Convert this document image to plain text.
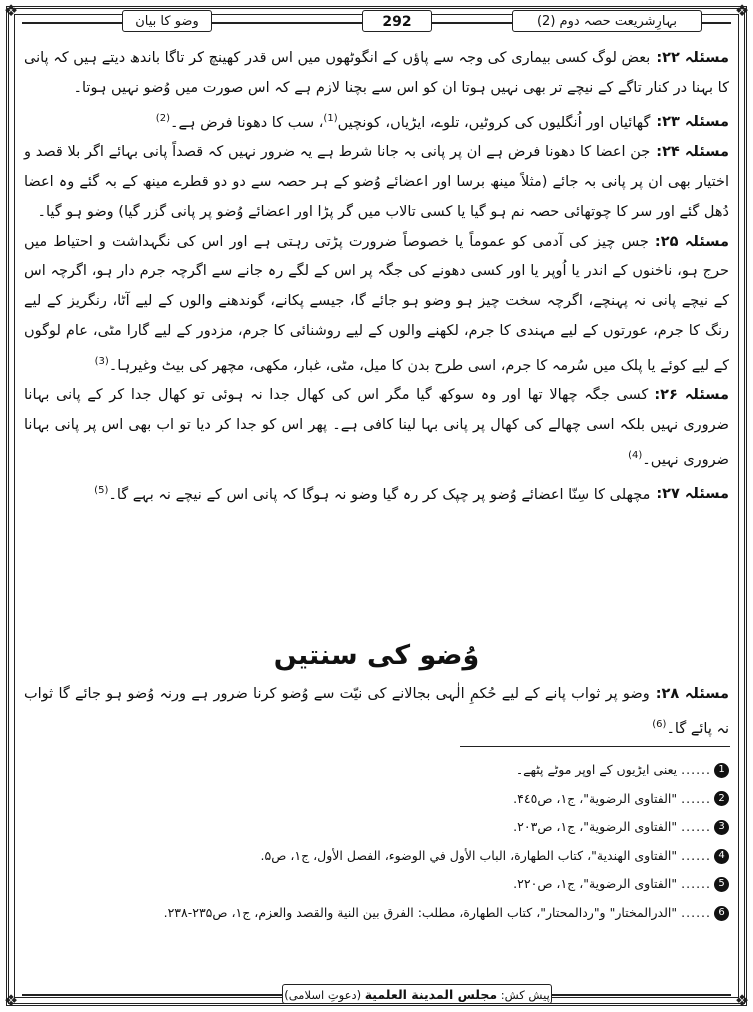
❖	❖
❖	❖
وضو کا بیان	292	بہارِشریعت حصہ دوم (2)

مسئلہ ۲۲:بعض لوگ کسی بیماری کی وجہ سے پاؤں کے انگوٹھوں میں اس قدر کھینچ کر تاگا باندھ دیتے ہیں کہ پانی کا بہنا در کنار تاگے کے نیچے تر بھی نہیں ہوتا ان کو اس سے بچنا لازم ہے کہ اس صورت میں وُضو نہیں ہوتا۔

مسئلہ ۲۳:گھائیاں اور اُنگلیوں کی کروٹیں، تلوے، ایڑیاں، کونچیں$^{(1)}$، سب کا دھونا فرض ہے۔$^{(2)}$

مسئلہ ۲۴:جن اعضا کا دھونا فرض ہے ان پر پانی بہ جانا شرط ہے یہ ضرور نہیں کہ قصداً پانی بہائے اگر بلا قصد و اختیار بھی ان پر پانی بہ جائے (مثلاً مینھ برسا اور اعضائے وُضو کے ہر حصہ سے دو دو قطرے مینھ کے بہ گئے وہ اعضا دُھل گئے اور سر کا چوتھائی حصہ نم ہو گیا یا کسی تالاب میں گر پڑا اور اعضائے وُضو پر پانی گزر گیا) وضو ہو گیا۔

مسئلہ ۲۵:جس چیز کی آدمی کو عموماً یا خصوصاً ضرورت پڑتی رہتی ہے اور اس کی نگہداشت و احتیاط میں حرج ہو، ناخنوں کے اندر یا اُوپر یا اور کسی دھونے کی جگہ پر اس کے لگے رہ جانے سے اگرچہ جرم دار ہو، اگرچہ اس کے نیچے پانی نہ پہنچے، اگرچہ سخت چیز ہو وضو ہو جائے گا، جیسے پکانے، گوندھنے والوں کے لیے آٹا، رنگریز کے لیے رنگ کا جرم، عورتوں کے لیے مہندی کا جرم، لکھنے والوں کے لیے روشنائی کا جرم، مزدور کے لیے گارا مٹی، عام لوگوں کے لیے کوئے یا پلک میں سُرمہ کا جرم، اسی طرح بدن کا میل، مٹی، غبار، مکھی، مچھر کی بیٹ وغیرہا۔$^{(3)}$

مسئلہ ۲۶:کسی جگہ چھالا تھا اور وہ سوکھ گیا مگر اس کی کھال جدا نہ ہوئی تو کھال جدا کر کے پانی بہانا ضروری نہیں بلکہ اسی چھالے کی کھال پر پانی بہا لینا کافی ہے۔ پھر اس کو جدا کر دیا تو اب بھی اس پر پانی بہانا ضروری نہیں۔$^{(4)}$

مسئلہ ۲۷:مچھلی کا سِنّا اعضائے وُضو پر چپک کر رہ گیا وضو نہ ہوگا کہ پانی اس کے نیچے نہ بہے گا۔$^{(5)}$

وُضو کی سنتیں
مسئلہ ۲۸:وضو پر ثواب پانے کے لیے حُکمِ الٰہی بجالانے کی نیّت سے وُضو کرنا ضرور ہے ورنہ وُضو ہو جائے گا ثواب نہ پائے گا۔$^{(6)}$
1
......
یعنی ایڑیوں کے اوپر موٹے پٹھے۔
2
......
"الفتاوی الرضویة"، ج۱، ص۴٤٥.
3
......
"الفتاوی الرضویة"، ج۱، ص۲۰۳.
4
......
"الفتاوی الهندیة"، کتاب الطهارة، الباب الأول في الوضوء، الفصل الأول، ج۱، ص۵.
5
......
"الفتاوی الرضویة"، ج۱، ص۲۲۰.
6
......
"الدرالمختار" و"ردالمحتار"، کتاب الطهارة، مطلب: الفرق بین النیة والقصد والعزم، ج۱، ص۲۳۵-۲۳۸.
پیش کش: مجلس المدینة العلمیة (دعوتِ اسلامی)
